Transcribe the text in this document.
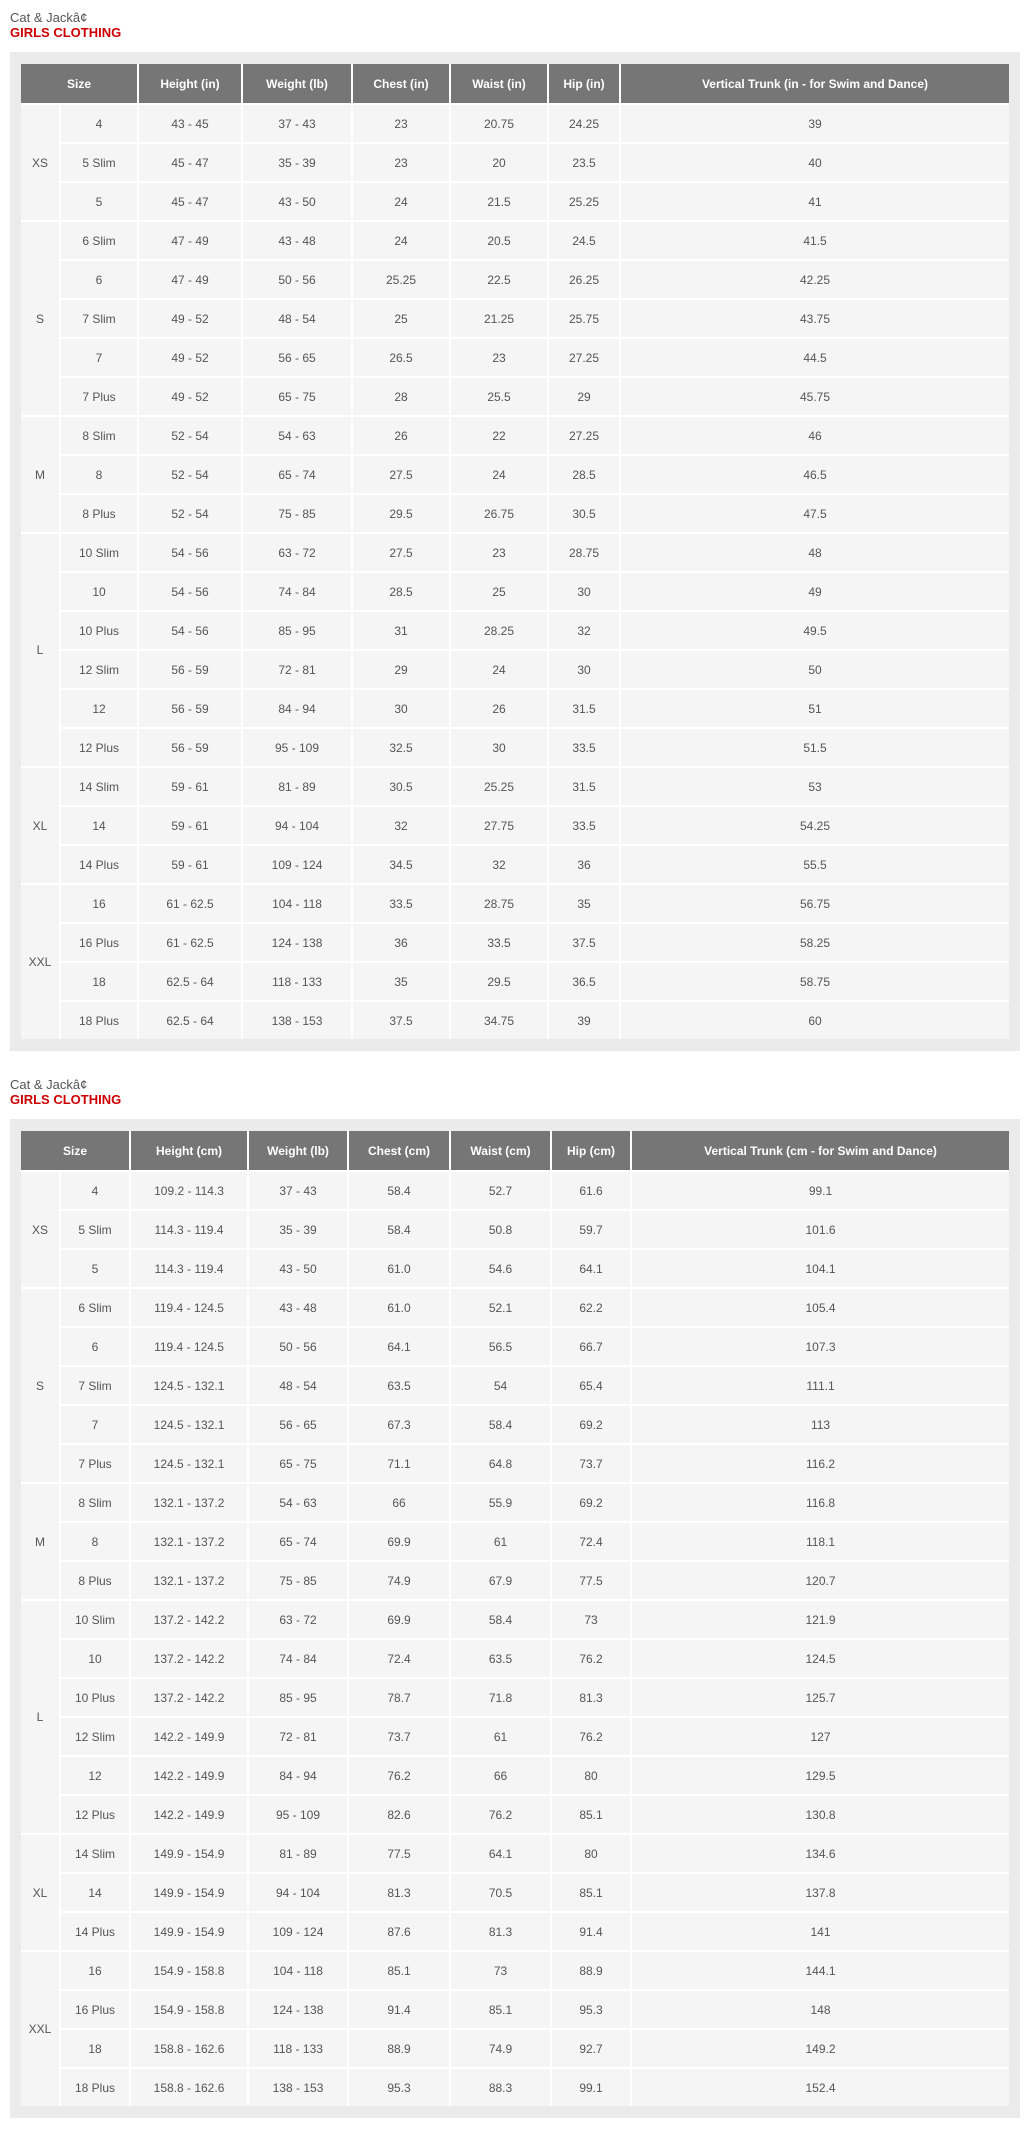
Cat & Jackâ¢
GIRLS CLOTHING
Size		Height (in)	Weight (lb)	Chest (in)	Waist (in)	Hip (in)	Vertical Trunk (in - for Swim and Dance)
XS	4	43 - 45	37 - 43	23	20.75	24.25	39
	5 Slim	45 - 47	35 - 39	23	20	23.5	40
	5	45 - 47	43 - 50	24	21.5	25.25	41
S	6 Slim	47 - 49	43 - 48	24	20.5	24.5	41.5
	6	47 - 49	50 - 56	25.25	22.5	26.25	42.25
	7 Slim	49 - 52	48 - 54	25	21.25	25.75	43.75
	7	49 - 52	56 - 65	26.5	23	27.25	44.5
	7 Plus	49 - 52	65 - 75	28	25.5	29	45.75
M	8 Slim	52 - 54	54 - 63	26	22	27.25	46
	8	52 - 54	65 - 74	27.5	24	28.5	46.5
	8 Plus	52 - 54	75 - 85	29.5	26.75	30.5	47.5
L	10 Slim	54 - 56	63 - 72	27.5	23	28.75	48
	10	54 - 56	74 - 84	28.5	25	30	49
	10 Plus	54 - 56	85 - 95	31	28.25	32	49.5
	12 Slim	56 - 59	72 - 81	29	24	30	50
	12	56 - 59	84 - 94	30	26	31.5	51
	12 Plus	56 - 59	95 - 109	32.5	30	33.5	51.5
XL	14 Slim	59 - 61	81 - 89	30.5	25.25	31.5	53
	14	59 - 61	94 - 104	32	27.75	33.5	54.25
	14 Plus	59 - 61	109 - 124	34.5	32	36	55.5
XXL	16	61 - 62.5	104 - 118	33.5	28.75	35	56.75
	16 Plus	61 - 62.5	124 - 138	36	33.5	37.5	58.25
	18	62.5 - 64	118 - 133	35	29.5	36.5	58.75
	18 Plus	62.5 - 64	138 - 153	37.5	34.75	39	60
Cat & Jackâ¢
GIRLS CLOTHING
Size		Height (cm)	Weight (lb)	Chest (cm)	Waist (cm)	Hip (cm)	Vertical Trunk (cm - for Swim and Dance)
XS	4	109.2 - 114.3	37 - 43	58.4	52.7	61.6	99.1
	5 Slim	114.3 - 119.4	35 - 39	58.4	50.8	59.7	101.6
	5	114.3 - 119.4	43 - 50	61.0	54.6	64.1	104.1
S	6 Slim	119.4 - 124.5	43 - 48	61.0	52.1	62.2	105.4
	6	119.4 - 124.5	50 - 56	64.1	56.5	66.7	107.3
	7 Slim	124.5 - 132.1	48 - 54	63.5	54	65.4	111.1
	7	124.5 - 132.1	56 - 65	67.3	58.4	69.2	113
	7 Plus	124.5 - 132.1	65 - 75	71.1	64.8	73.7	116.2
M	8 Slim	132.1 - 137.2	54 - 63	66	55.9	69.2	116.8
	8	132.1 - 137.2	65 - 74	69.9	61	72.4	118.1
	8 Plus	132.1 - 137.2	75 - 85	74.9	67.9	77.5	120.7
L	10 Slim	137.2 - 142.2	63 - 72	69.9	58.4	73	121.9
	10	137.2 - 142.2	74 - 84	72.4	63.5	76.2	124.5
	10 Plus	137.2 - 142.2	85 - 95	78.7	71.8	81.3	125.7
	12 Slim	142.2 - 149.9	72 - 81	73.7	61	76.2	127
	12	142.2 - 149.9	84 - 94	76.2	66	80	129.5
	12 Plus	142.2 - 149.9	95 - 109	82.6	76.2	85.1	130.8
XL	14 Slim	149.9 - 154.9	81 - 89	77.5	64.1	80	134.6
	14	149.9 - 154.9	94 - 104	81.3	70.5	85.1	137.8
	14 Plus	149.9 - 154.9	109 - 124	87.6	81.3	91.4	141
XXL	16	154.9 - 158.8	104 - 118	85.1	73	88.9	144.1
	16 Plus	154.9 - 158.8	124 - 138	91.4	85.1	95.3	148
	18	158.8 - 162.6	118 - 133	88.9	74.9	92.7	149.2
	18 Plus	158.8 - 162.6	138 - 153	95.3	88.3	99.1	152.4
